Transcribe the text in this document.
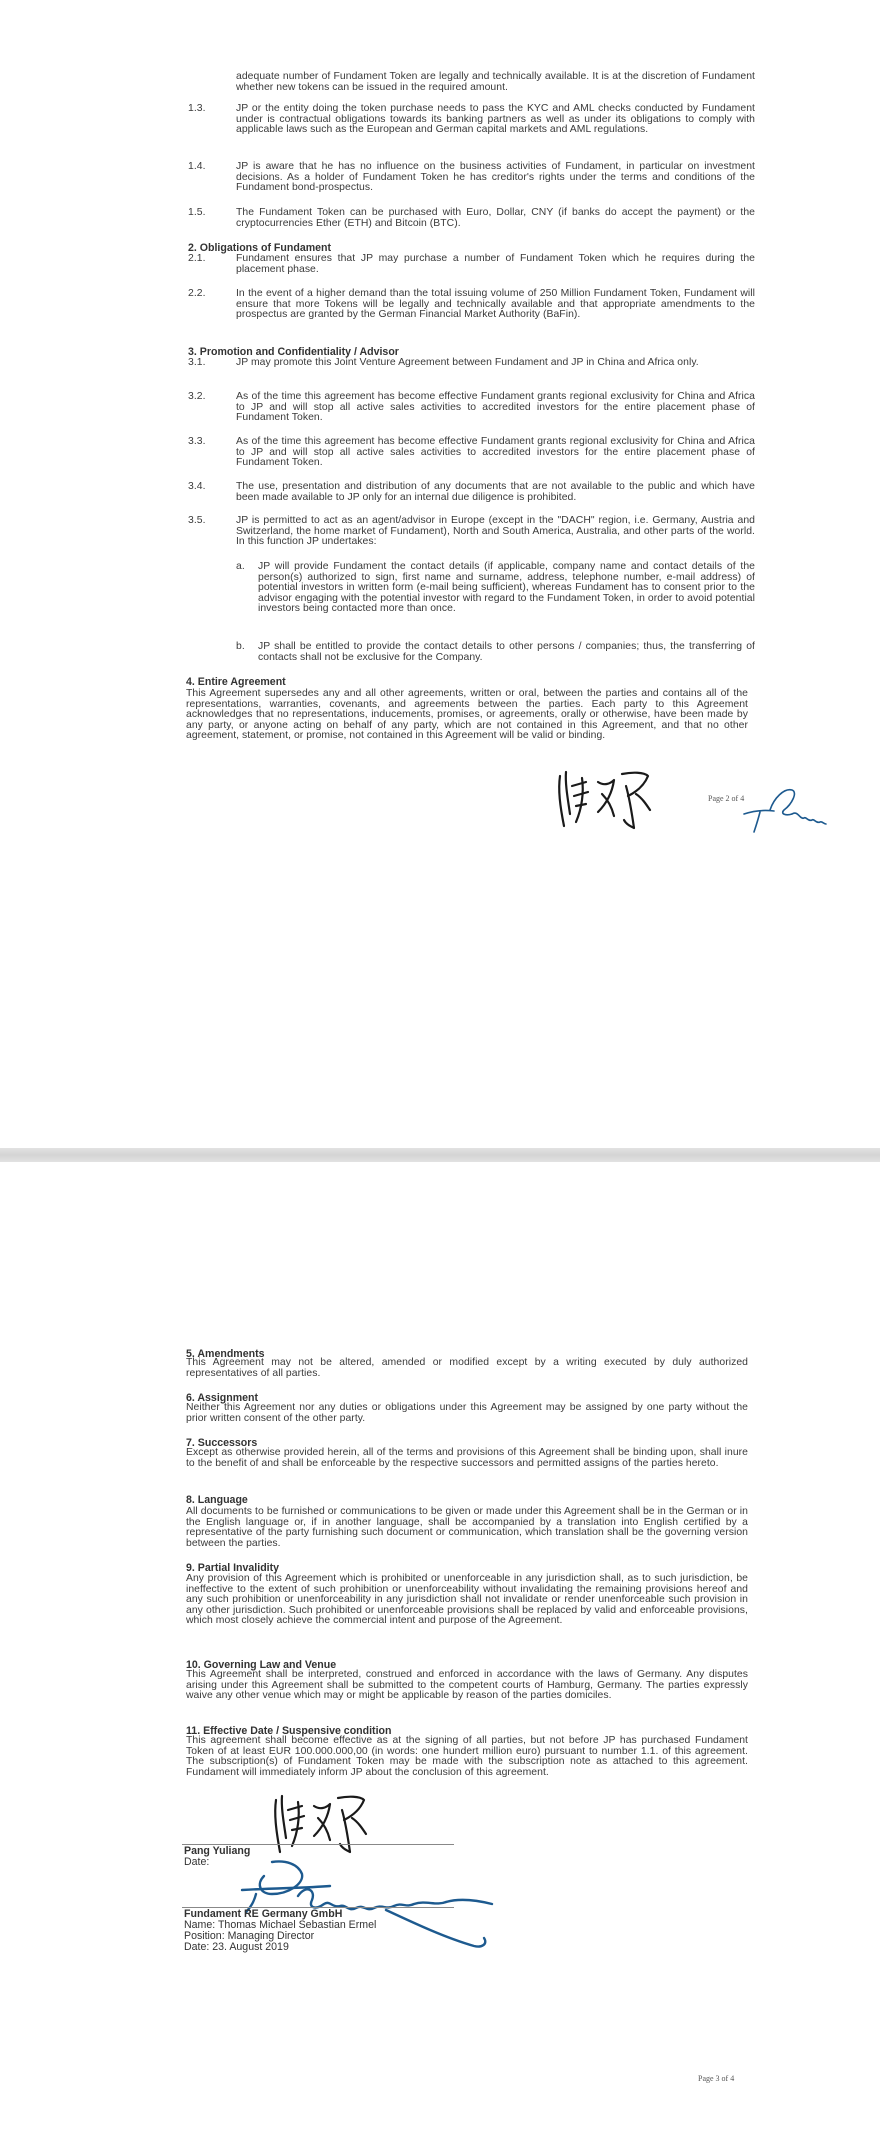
adequate number of Fundament Token are legally and technically available. It is at the discretion of Fundament whether new tokens can be issued in the required amount.
1.3.	JP or the entity doing the token purchase needs to pass the KYC and AML checks conducted by Fundament under is contractual obligations towards its banking partners as well as under its obligations to comply with applicable laws such as the European and German capital markets and AML regulations.
1.4.	JP is aware that he has no influence on the business activities of Fundament, in particular on investment decisions. As a holder of Fundament Token he has creditor's rights under the terms and conditions of the Fundament bond-prospectus.
1.5.	The Fundament Token can be purchased with Euro, Dollar, CNY (if banks do accept the payment) or the cryptocurrencies Ether (ETH) and Bitcoin (BTC).
2. Obligations of Fundament
2.1.	Fundament ensures that JP may purchase a number of Fundament Token which he requires during the placement phase.
2.2.	In the event of a higher demand than the total issuing volume of 250 Million Fundament Token, Fundament will ensure that more Tokens will be legally and technically available and that appropriate amendments to the prospectus are granted by the German Financial Market Authority (BaFin).
3. Promotion and Confidentiality / Advisor
3.1.	JP may promote this Joint Venture Agreement between Fundament and JP in China and Africa only.
3.2.	As of the time this agreement has become effective Fundament grants regional exclusivity for China and Africa to JP and will stop all active sales activities to accredited investors for the entire placement phase of Fundament Token.
3.3.	As of the time this agreement has become effective Fundament grants regional exclusivity for China and Africa to JP and will stop all active sales activities to accredited investors for the entire placement phase of Fundament Token.
3.4.	The use, presentation and distribution of any documents that are not available to the public and which have been made available to JP only for an internal due diligence is prohibited.
3.5.	JP is permitted to act as an agent/advisor in Europe (except in the "DACH" region, i.e. Germany, Austria and Switzerland, the home market of Fundament), North and South America, Australia, and other parts of the world. In this function JP undertakes:
a. JP will provide Fundament the contact details (if applicable, company name and contact details of the person(s) authorized to sign, first name and surname, address, telephone number, e-mail address) of potential investors in written form (e-mail being sufficient), whereas Fundament has to consent prior to the advisor engaging with the potential investor with regard to the Fundament Token, in order to avoid potential investors being contacted more than once.
b. JP shall be entitled to provide the contact details to other persons / companies; thus, the transferring of contacts shall not be exclusive for the Company.
4. Entire Agreement
This Agreement supersedes any and all other agreements, written or oral, between the parties and contains all of the representations, warranties, covenants, and agreements between the parties. Each party to this Agreement acknowledges that no representations, inducements, promises, or agreements, orally or otherwise, have been made by any party, or anyone acting on behalf of any party, which are not contained in this Agreement, and that no other agreement, statement, or promise, not contained in this Agreement will be valid or binding.
Page 2 of 4
5. Amendments
This Agreement may not be altered, amended or modified except by a writing executed by duly authorized representatives of all parties.
6. Assignment
Neither this Agreement nor any duties or obligations under this Agreement may be assigned by one party without the prior written consent of the other party.
7. Successors
Except as otherwise provided herein, all of the terms and provisions of this Agreement shall be binding upon, shall inure to the benefit of and shall be enforceable by the respective successors and permitted assigns of the parties hereto.
8. Language
All documents to be furnished or communications to be given or made under this Agreement shall be in the German or in the English language or, if in another language, shall be accompanied by a translation into English certified by a representative of the party furnishing such document or communication, which translation shall be the governing version between the parties.
9. Partial Invalidity
Any provision of this Agreement which is prohibited or unenforceable in any jurisdiction shall, as to such jurisdiction, be ineffective to the extent of such prohibition or unenforceability without invalidating the remaining provisions hereof and any such prohibition or unenforceability in any jurisdiction shall not invalidate or render unenforceable such provision in any other jurisdiction. Such prohibited or unenforceable provisions shall be replaced by valid and enforceable provisions, which most closely achieve the commercial intent and purpose of the Agreement.
10. Governing Law and Venue
This Agreement shall be interpreted, construed and enforced in accordance with the laws of Germany. Any disputes arising under this Agreement shall be submitted to the competent courts of Hamburg, Germany. The parties expressly waive any other venue which may or might be applicable by reason of the parties domiciles.
11. Effective Date / Suspensive condition
This agreement shall become effective as at the signing of all parties, but not before JP has purchased Fundament Token of at least EUR 100.000.000,00 (in words: one hundert million euro) pursuant to number 1.1. of this agreement. The subscription(s) of Fundament Token may be made with the subscription note as attached to this agreement. Fundament will immediately inform JP about the conclusion of this agreement.
Pang Yuliang
Date:
Fundament RE Germany GmbH
Name: Thomas Michael Sebastian Ermel
Position: Managing Director
Date: 23. August 2019
Page 3 of 4
